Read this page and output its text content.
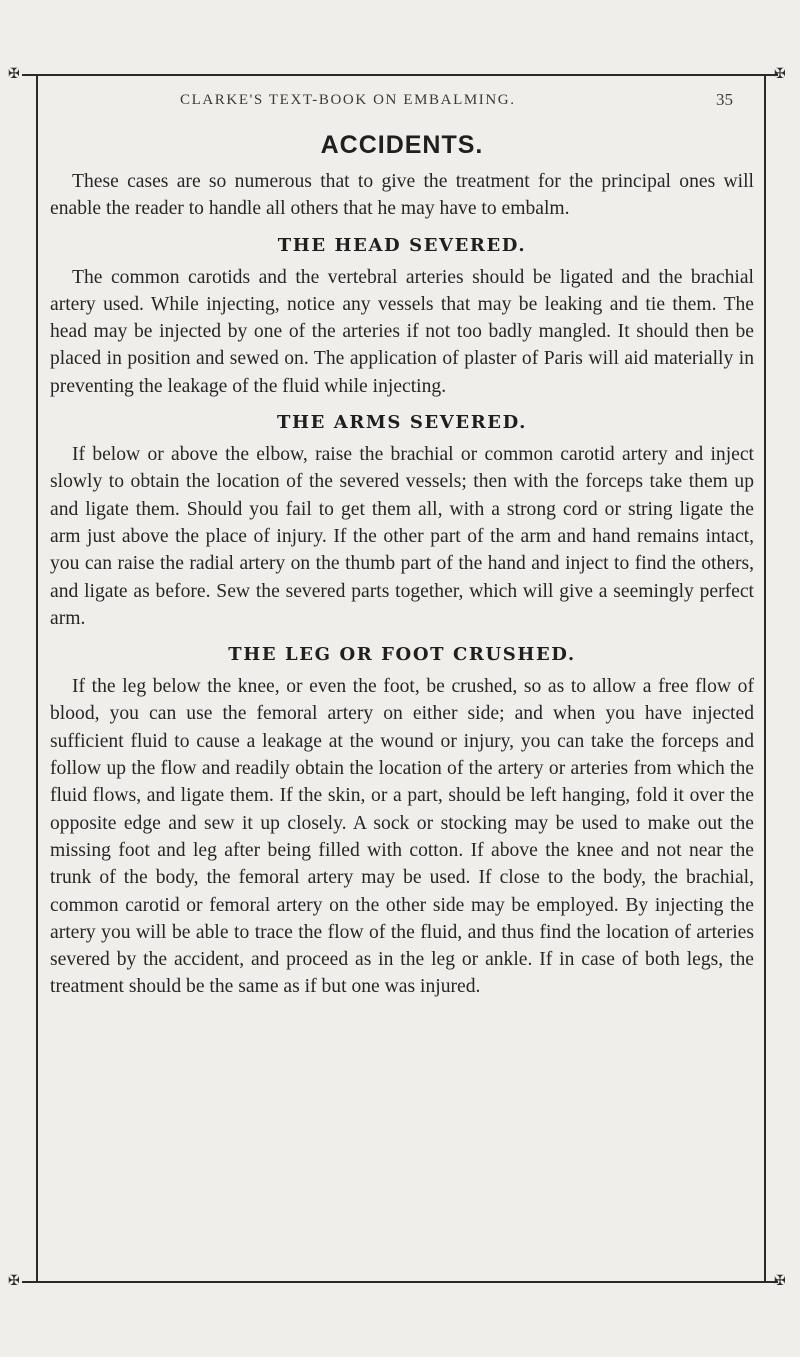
✠	✠
✠	✠
CLARKE'S TEXT-BOOK ON EMBALMING.	35
ACCIDENTS.

These cases are so numerous that to give the treatment for the principal ones will enable the reader to handle all others that he may have to embalm.

THE HEAD SEVERED.

The common carotids and the vertebral arteries should be ligated and the brachial artery used. While injecting, notice any vessels that may be leaking and tie them. The head may be injected by one of the arteries if not too badly mangled. It should then be placed in position and sewed on. The application of plaster of Paris will aid materially in preventing the leakage of the fluid while injecting.

THE ARMS SEVERED.

If below or above the elbow, raise the brachial or common carotid artery and inject slowly to obtain the location of the severed vessels; then with the forceps take them up and ligate them. Should you fail to get them all, with a strong cord or string ligate the arm just above the place of injury. If the other part of the arm and hand remains intact, you can raise the radial artery on the thumb part of the hand and inject to find the others, and ligate as before. Sew the severed parts together, which will give a seemingly perfect arm.

THE LEG OR FOOT CRUSHED.

If the leg below the knee, or even the foot, be crushed, so as to allow a free flow of blood, you can use the femoral artery on either side; and when you have injected sufficient fluid to cause a leakage at the wound or injury, you can take the forceps and follow up the flow and readily obtain the location of the artery or arteries from which the fluid flows, and ligate them. If the skin, or a part, should be left hanging, fold it over the opposite edge and sew it up closely. A sock or stocking may be used to make out the missing foot and leg after being filled with cotton. If above the knee and not near the trunk of the body, the femoral artery may be used. If close to the body, the brachial, common carotid or femoral artery on the other side may be employed. By injecting the artery you will be able to trace the flow of the fluid, and thus find the location of arteries severed by the accident, and proceed as in the leg or ankle. If in case of both legs, the treatment should be the same as if but one was injured.
